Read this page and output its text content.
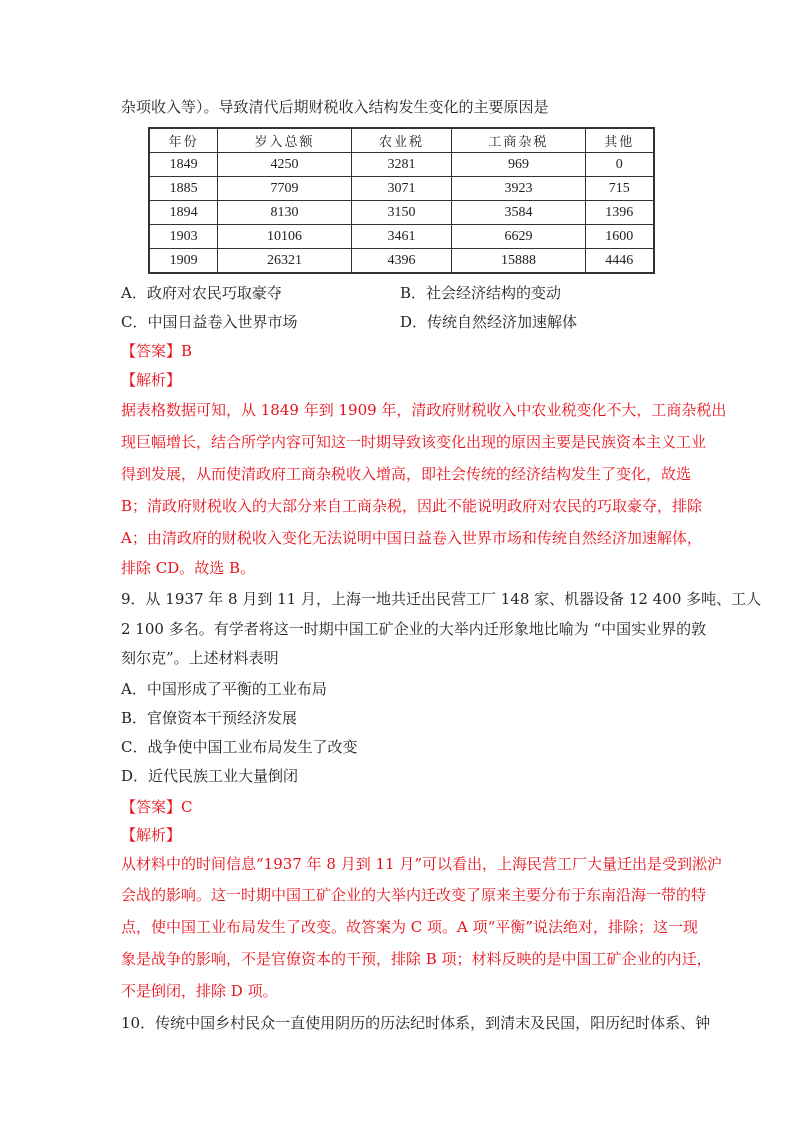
杂项收入等）。导致清代后期财税收入结构发生变化的主要原因是
年份	岁入总额	农业税	工商杂税	其他
1849	4250	3281	969	0
1885	7709	3071	3923	715
1894	8130	3150	3584	1396
1903	10106	3461	6629	1600
1909	26321	4396	15888	4446
A．政府对农民巧取豪夺	B．社会经济结构的变动
C．中国日益卷入世界市场	D．传统自然经济加速解体
【答案】B
【解析】
据表格数据可知，从 1849 年到 1909 年，清政府财税收入中农业税变化不大，工商杂税出
现巨幅增长，结合所学内容可知这一时期导致该变化出现的原因主要是民族资本主义工业
得到发展，从而使清政府工商杂税收入增高，即社会传统的经济结构发生了变化，故选
B；清政府财税收入的大部分来自工商杂税，因此不能说明政府对农民的巧取豪夺，排除
A；由清政府的财税收入变化无法说明中国日益卷入世界市场和传统自然经济加速解体，
排除 CD。故选 B。
9．从 1937 年 8 月到 11 月，上海一地共迁出民营工厂 148 家、机器设备 12 400 多吨、工人
2 100 多名。有学者将这一时期中国工矿企业的大举内迁形象地比喻为 “中国实业界的敦
刻尔克”。上述材料表明
A．中国形成了平衡的工业布局
B．官僚资本干预经济发展
C．战争使中国工业布局发生了改变
D．近代民族工业大量倒闭
【答案】C
【解析】
从材料中的时间信息“1937 年 8 月到 11 月”可以看出，上海民营工厂大量迁出是受到淞沪
会战的影响。这一时期中国工矿企业的大举内迁改变了原来主要分布于东南沿海一带的特
点，使中国工业布局发生了改变。故答案为 C 项。A 项“平衡”说法绝对，排除；这一现
象是战争的影响，不是官僚资本的干预，排除 B 项；材料反映的是中国工矿企业的内迁，
不是倒闭，排除 D 项。
10．传统中国乡村民众一直使用阴历的历法纪时体系，到清末及民国，阳历纪时体系、钟
